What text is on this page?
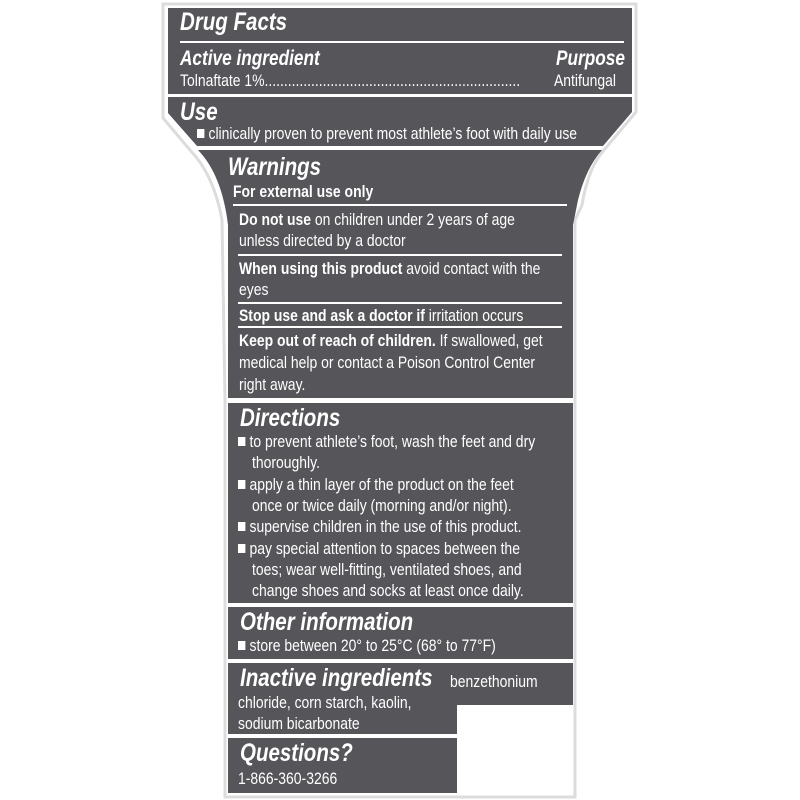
Drug Facts
Active ingredient	Purpose
Tolnaftate 1%.................................................................. Antifungal
Use
clinically proven to prevent most athlete’s foot with daily use
Warnings
For external use only
Do not use on children under 2 years of age
unless directed by a doctor
When using this product avoid contact with the
eyes
Stop use and ask a doctor if irritation occurs
Keep out of reach of children. If swallowed, get
medical help or contact a Poison Control Center
right away.
Directions
to prevent athlete’s foot, wash the feet and dry
thoroughly.
apply a thin layer of the product on the feet
once or twice daily (morning and/or night).
supervise children in the use of this product.
pay special attention to spaces between the
toes; wear well-fitting, ventilated shoes, and
change shoes and socks at least once daily.
Other information
store between 20° to 25°C (68° to 77°F)
Inactive ingredients benzethonium
chloride, corn starch, kaolin,
sodium bicarbonate
Questions?
1-866-360-3266
